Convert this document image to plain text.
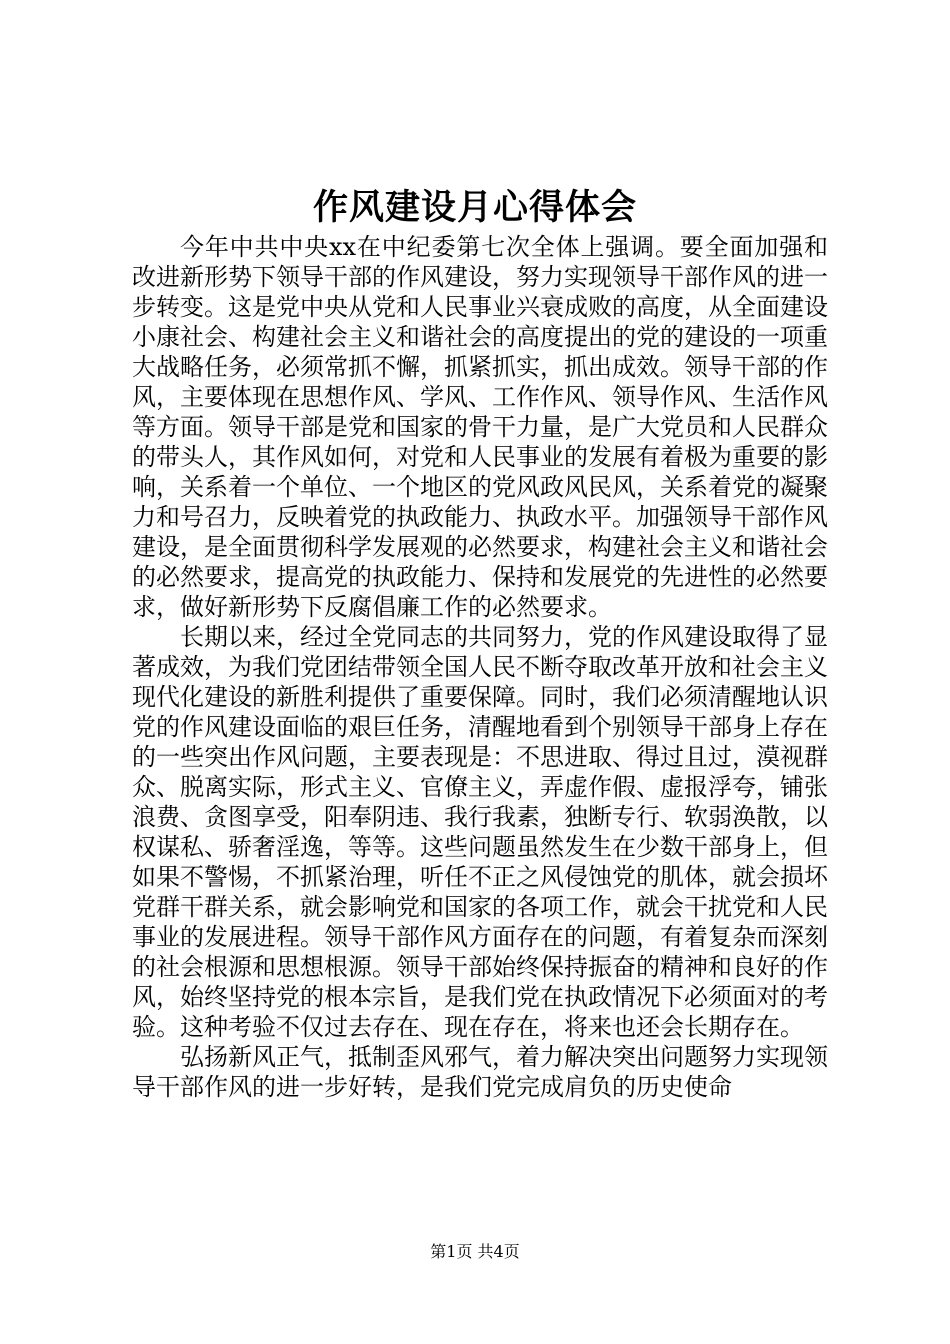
作风建设月心得体会

今年中共中央xx在中纪委第七次全体上强调。要全面加强和改进新形势下领导干部的作风建设，努力实现领导干部作风的进一步转变。这是党中央从党和人民事业兴衰成败的高度，从全面建设小康社会、构建社会主义和谐社会的高度提出的党的建设的一项重大战略任务，必须常抓不懈，抓紧抓实，抓出成效。领导干部的作风，主要体现在思想作风、学风、工作作风、领导作风、生活作风等方面。领导干部是党和国家的骨干力量，是广大党员和人民群众的带头人，其作风如何，对党和人民事业的发展有着极为重要的影响，关系着一个单位、一个地区的党风政风民风，关系着党的凝聚力和号召力，反映着党的执政能力、执政水平。加强领导干部作风建设，是全面贯彻科学发展观的必然要求，构建社会主义和谐社会的必然要求，提高党的执政能力、保持和发展党的先进性的必然要求，做好新形势下反腐倡廉工作的必然要求。

长期以来，经过全党同志的共同努力，党的作风建设取得了显著成效，为我们党团结带领全国人民不断夺取改革开放和社会主义现代化建设的新胜利提供了重要保障。同时，我们必须清醒地认识党的作风建设面临的艰巨任务，清醒地看到个别领导干部身上存在的一些突出作风问题，主要表现是：不思进取、得过且过，漠视群众、脱离实际，形式主义、官僚主义，弄虚作假、虚报浮夸，铺张浪费、贪图享受，阳奉阴违、我行我素，独断专行、软弱涣散，以权谋私、骄奢淫逸，等等。这些问题虽然发生在少数干部身上，但如果不警惕，不抓紧治理，听任不正之风侵蚀党的肌体，就会损坏党群干群关系，就会影响党和国家的各项工作，就会干扰党和人民事业的发展进程。领导干部作风方面存在的问题，有着复杂而深刻的社会根源和思想根源。领导干部始终保持振奋的精神和良好的作风，始终坚持党的根本宗旨，是我们党在执政情况下必须面对的考验。这种考验不仅过去存在、现在存在，将来也还会长期存在。

弘扬新风正气，抵制歪风邪气，着力解决突出问题努力实现领导干部作风的进一步好转，是我们党完成肩负的历史使命

第1页 共4页
